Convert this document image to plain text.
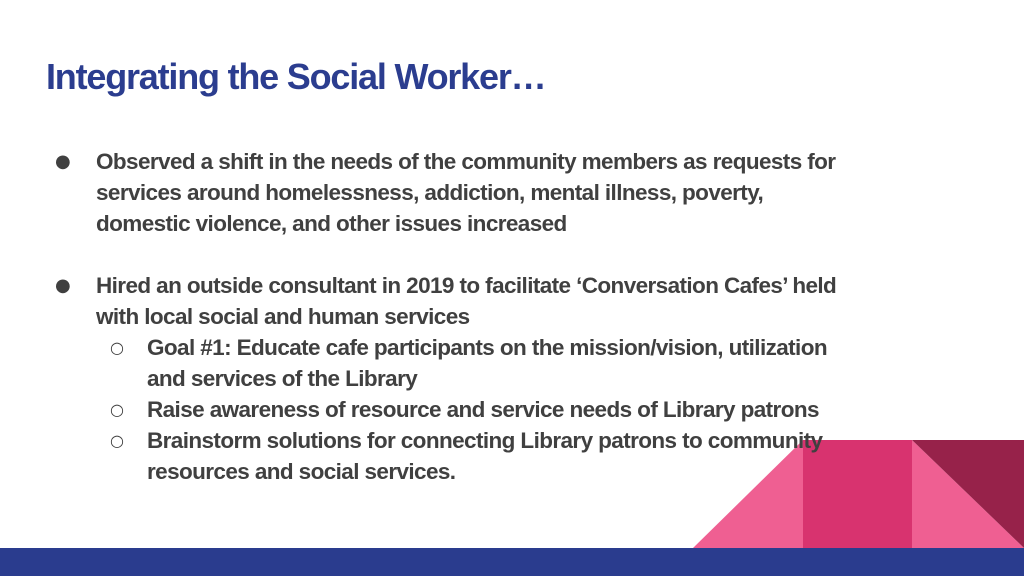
Integrating the Social Worker…
● Observed a shift in the needs of the community members as requests for

services around homelessness, addiction, mental illness, poverty,

domestic violence, and other issues increased

● Hired an outside consultant in 2019 to facilitate ‘Conversation Cafes’ held

with local social and human services

○ Goal #1: Educate cafe participants on the mission/vision, utilization

and services of the Library

○ Raise awareness of resource and service needs of Library patrons

○ Brainstorm solutions for connecting Library patrons to community

resources and social services.
